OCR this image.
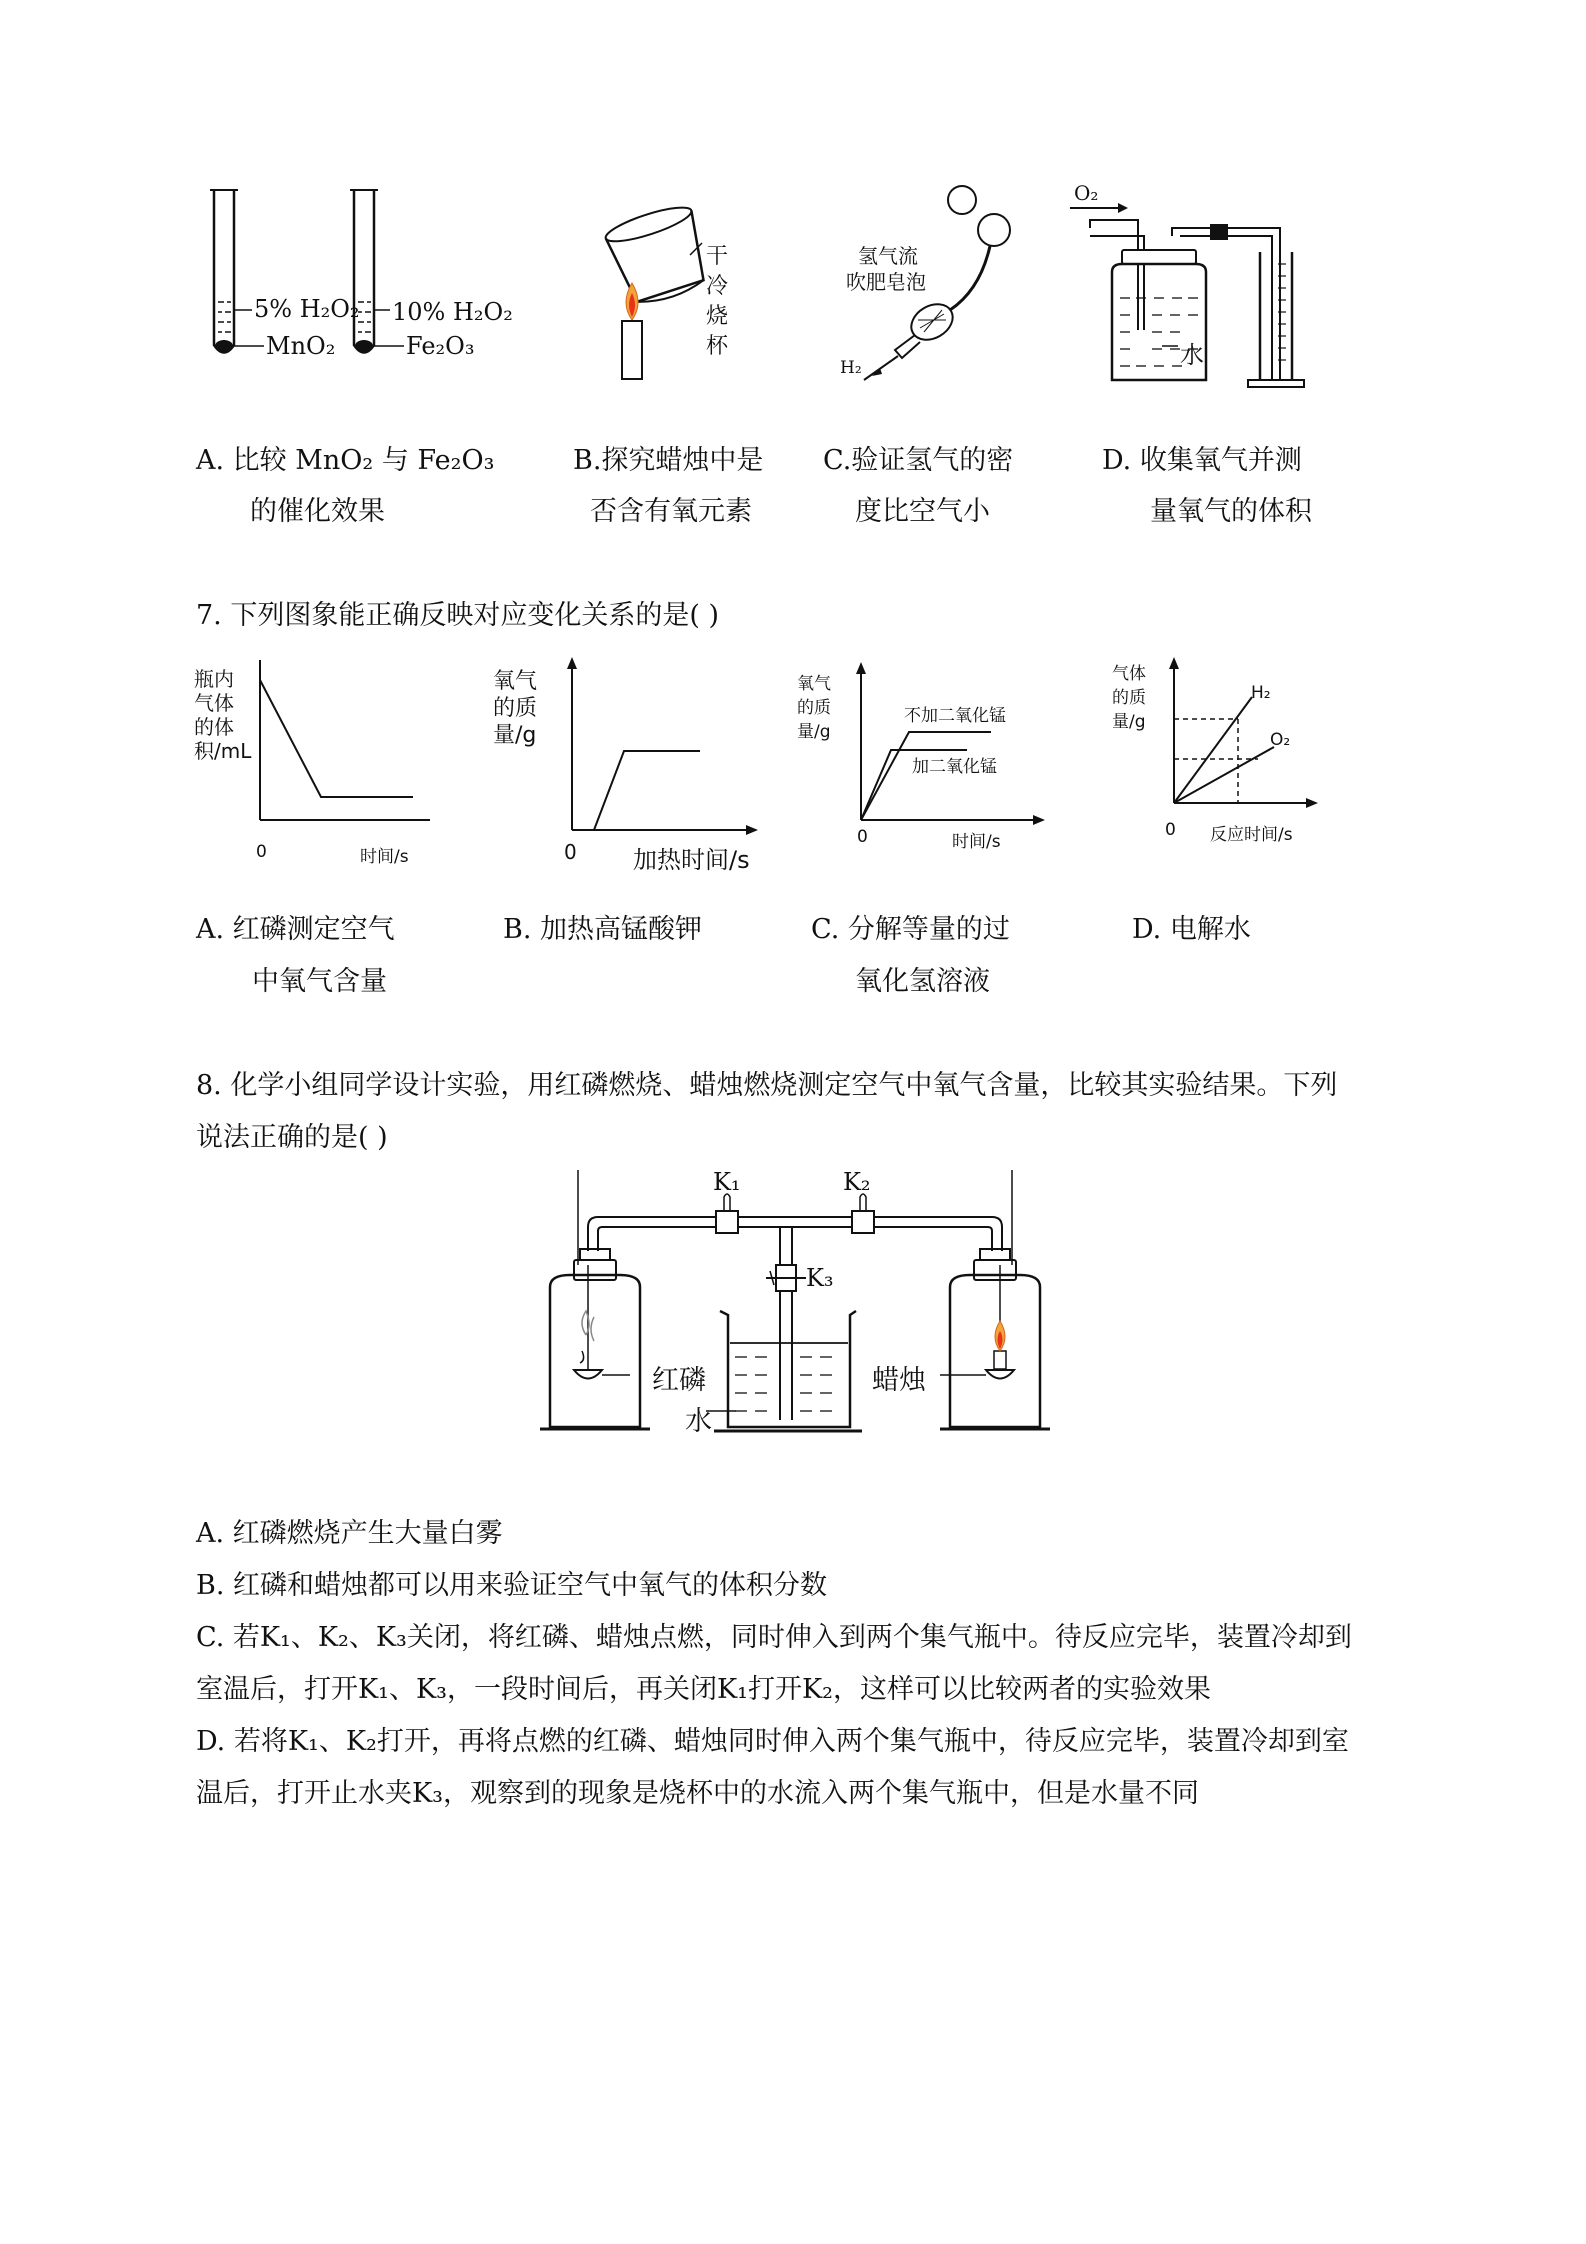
5% H₂O₂
MnO₂
10% H₂O₂
Fe₂O₃
干
冷
烧
杯
氢气流
吹肥皂泡
H₂
O₂
水
A. 比较 MnO₂ 与 Fe₂O₃
的催化效果
B.探究蜡烛中是
否含有氧元素
C.验证氢气的密
度比空气小
D. 收集氧气并测
量氧气的体积
7. 下列图象能正确反映对应变化关系的是( )
瓶内
气体
的体
积/mL
0	时间/s
氧气
的质
量/g
0 加热时间/s
氧气
的质
量/g
不加二氧化锰
加二氧化锰
0	时间/s
气体
的质
量/g
H₂
O₂
0 反应时间/s
A. 红磷测定空气
中氧气含量
B. 加热高锰酸钾	C. 分解等量的过
氧化氢溶液
D. 电解水
8. 化学小组同学设计实验，用红磷燃烧、蜡烛燃烧测定空气中氧气含量，比较其实验结果。下列
说法正确的是( )
K₁	K₂
K₃
红磷	蜡烛
水
A. 红磷燃烧产生大量白雾
B. 红磷和蜡烛都可以用来验证空气中氧气的体积分数
C. 若K₁、K₂、K₃关闭，将红磷、蜡烛点燃，同时伸入到两个集气瓶中。待反应完毕，装置冷却到
室温后，打开K₁、K₃，一段时间后，再关闭K₁打开K₂，这样可以比较两者的实验效果
D. 若将K₁、K₂打开，再将点燃的红磷、蜡烛同时伸入两个集气瓶中，待反应完毕，装置冷却到室
温后，打开止水夹K₃，观察到的现象是烧杯中的水流入两个集气瓶中，但是水量不同
